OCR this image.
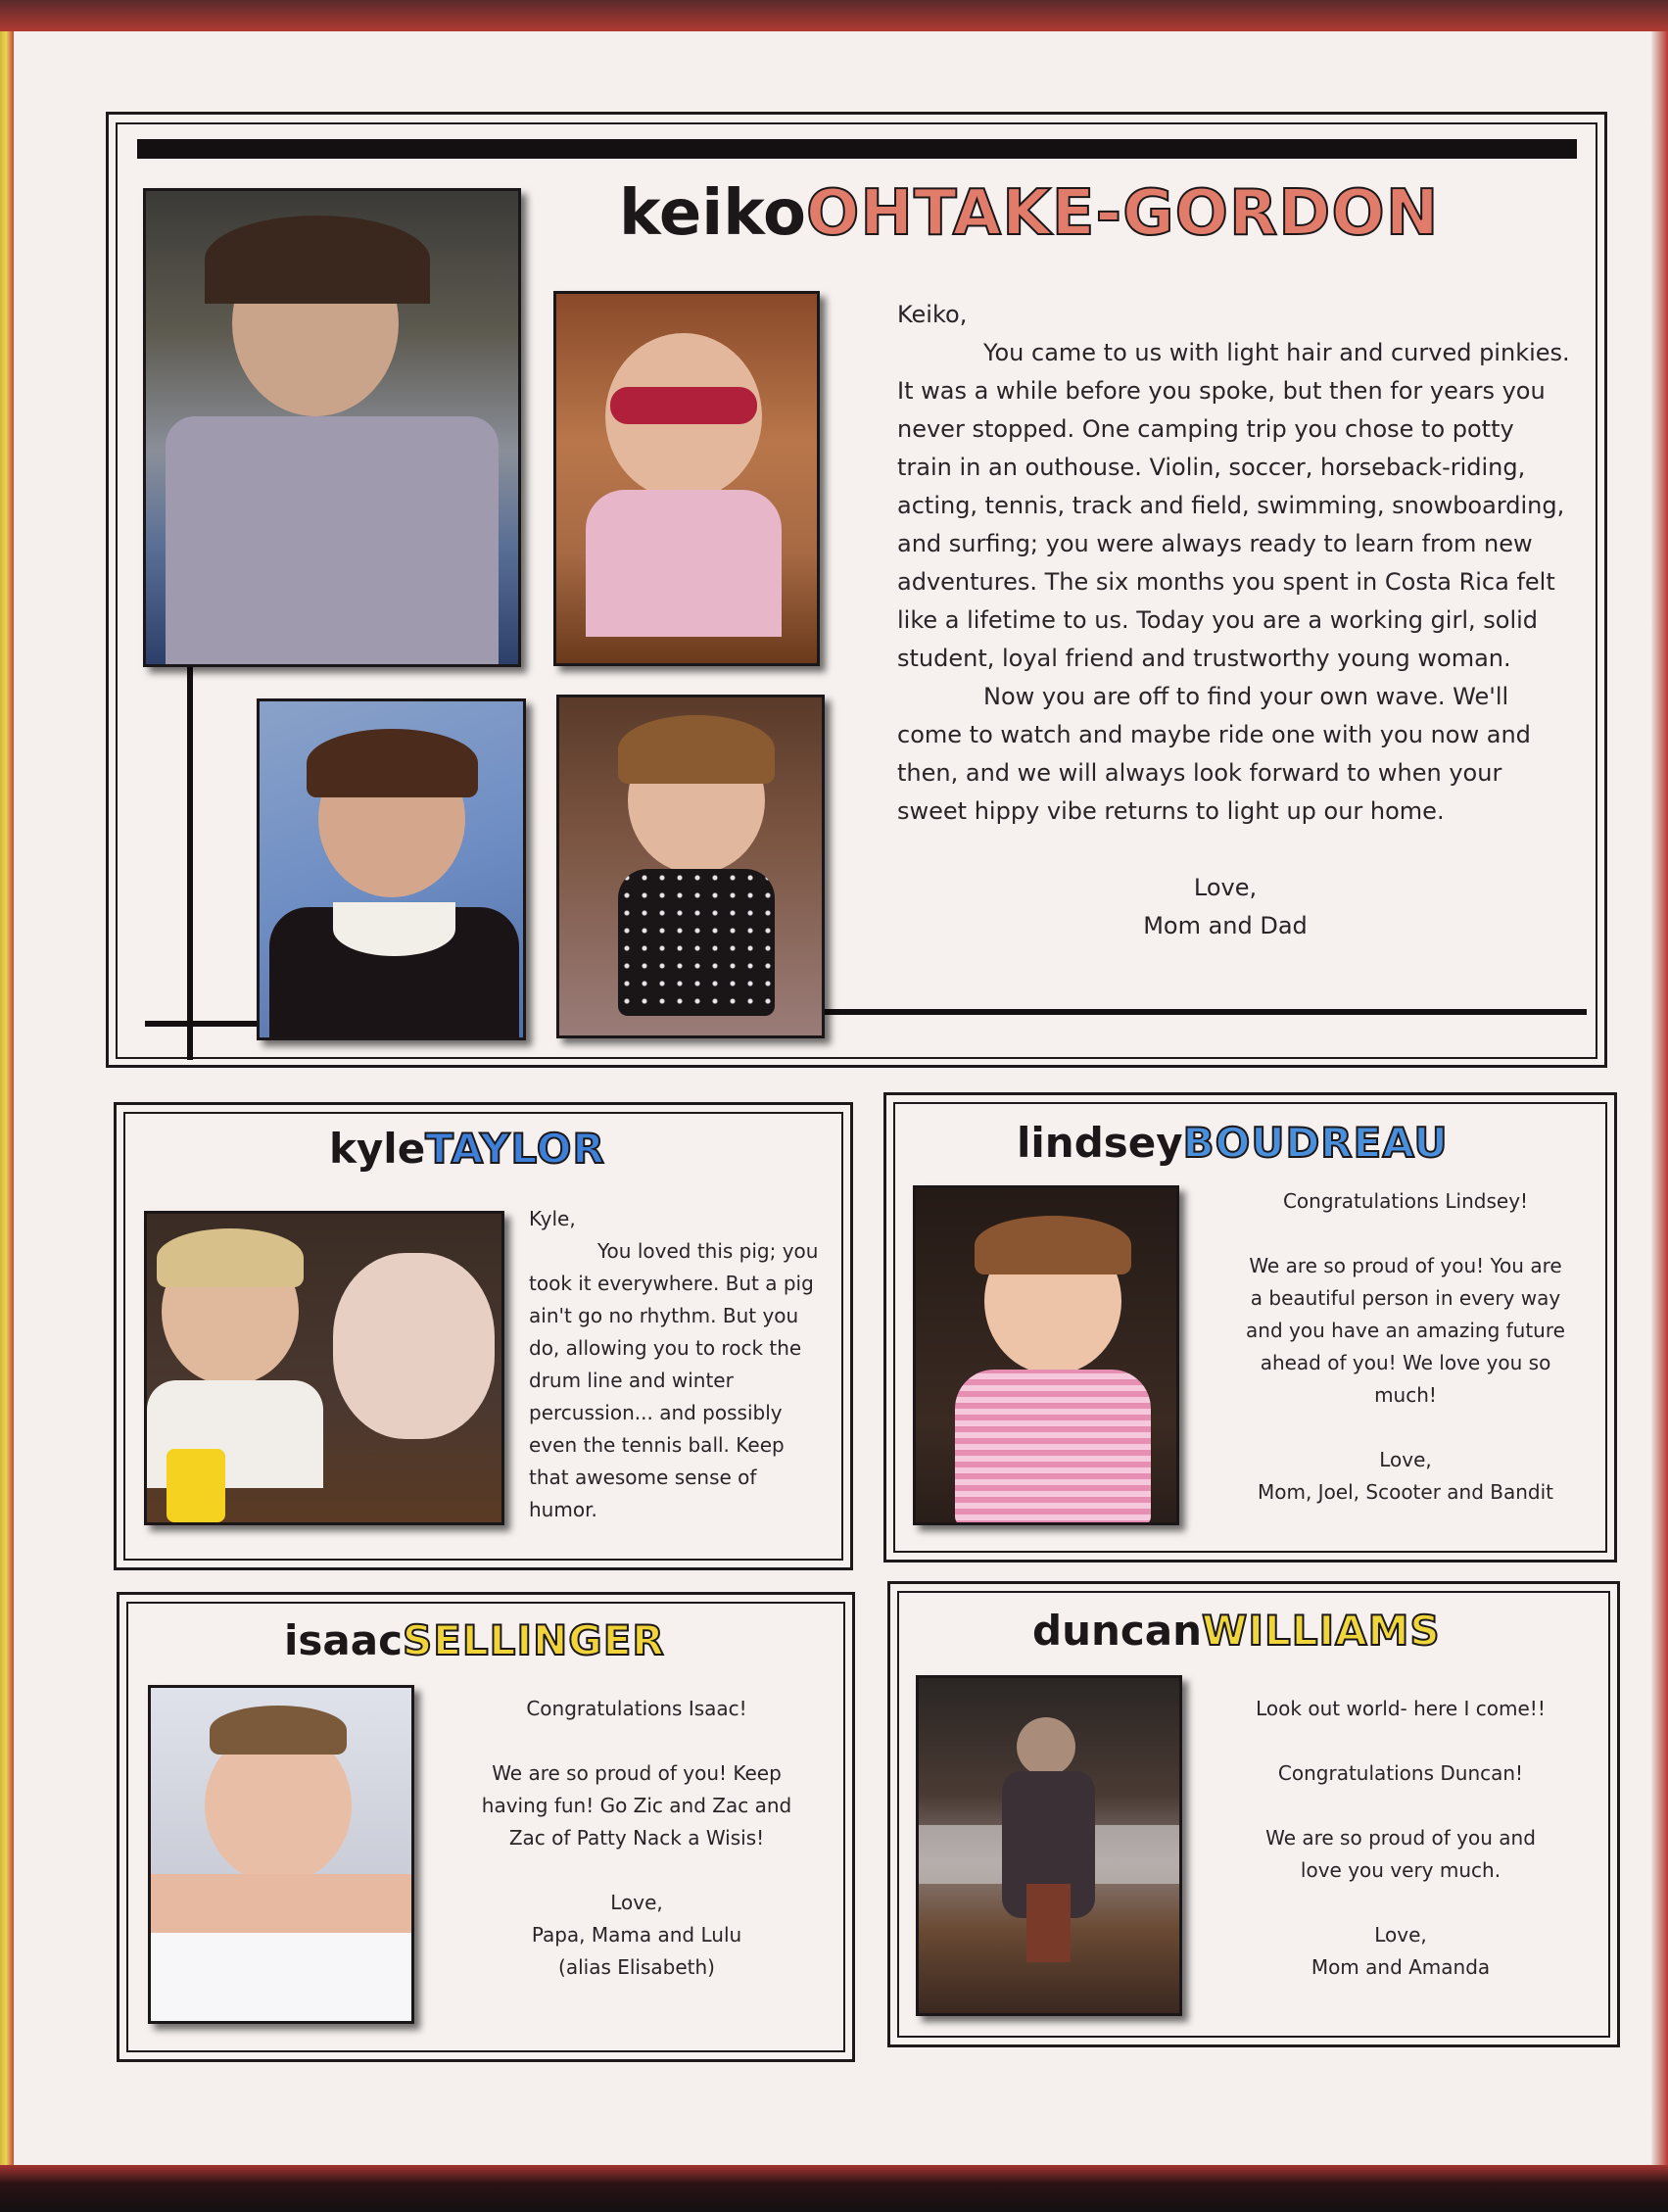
keikoOHTAKE-GORDON

Keiko,

You came to us with light hair and curved pinkies. It was a while before you spoke, but then for years you never stopped. One camping trip you chose to potty train in an outhouse. Violin, soccer, horseback-riding, acting, tennis, track and field, swimming, snowboarding, and surfing; you were always ready to learn from new adventures. The six months you spent in Costa Rica felt like a lifetime to us. Today you are a working girl, solid student, loyal friend and trustworthy young woman.

Now you are off to find your own wave. We'll come to watch and maybe ride one with you now and then, and we will always look forward to when your sweet hippy vibe returns to light up our home.

Love,

Mom and Dad

kyleTAYLOR

Kyle,

You loved this pig; you took it everywhere. But a pig ain't go no rhythm. But you do, allowing you to rock the drum line and winter percussion... and possibly even the tennis ball. Keep that awesome sense of humor.

lindseyBOUDREAU

Congratulations Lindsey!

We are so proud of you! You are a beautiful person in every way and you have an amazing future ahead of you! We love you so much!

Love,

Mom, Joel, Scooter and Bandit

isaacSELLINGER

Congratulations Isaac!

We are so proud of you! Keep having fun! Go Zic and Zac and Zac of Patty Nack a Wisis!

Love,

Papa, Mama and Lulu

(alias Elisabeth)

duncanWILLIAMS

Look out world- here I come!!

Congratulations Duncan!

We are so proud of you and love you very much.

Love,

Mom and Amanda
